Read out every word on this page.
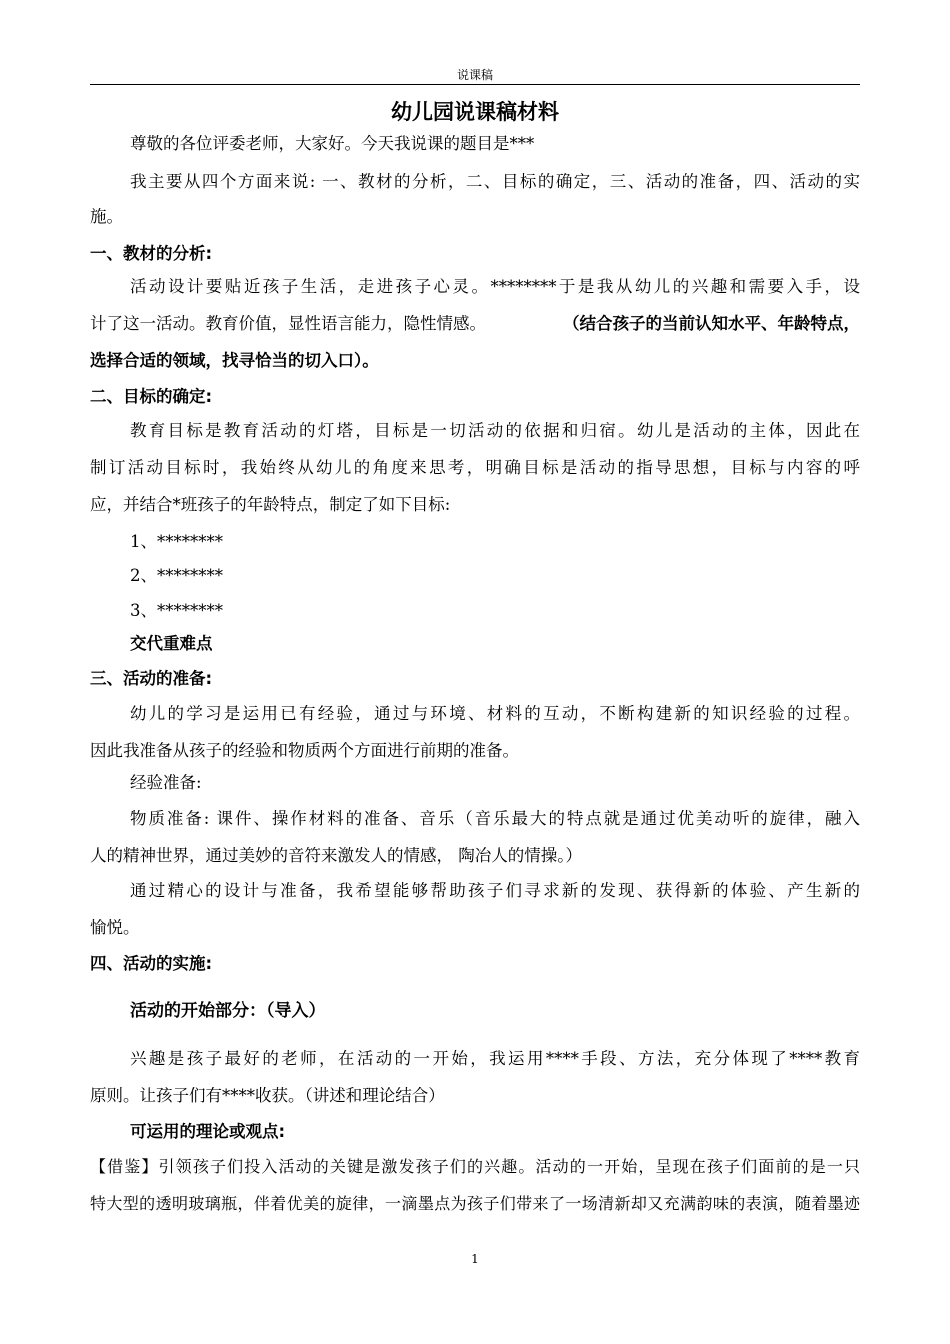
说课稿
幼儿园说课稿材料
尊敬的各位评委老师，大家好。今天我说课的题目是***
我主要从四个方面来说: 一、教材的分析，二、目标的确定，三、活动的准备，四、活动的实
施。
一、教材的分析:
活动设计要贴近孩子生活，走进孩子心灵。********于是我从幼儿的兴趣和需要入手，设
计了这一活动。教育价值，显性语言能力，隐性情感。	（结合孩子的当前认知水平、年龄特点，
选择合适的领域，找寻恰当的切入口）。
二、目标的确定:
教育目标是教育活动的灯塔，目标是一切活动的依据和归宿。幼儿是活动的主体，因此在
制订活动目标时，我始终从幼儿的角度来思考，明确目标是活动的指导思想，目标与内容的呼
应，并结合*班孩子的年龄特点，制定了如下目标:
1、********
2、********
3、********
交代重难点
三、活动的准备:
幼儿的学习是运用已有经验，通过与环境、材料的互动，不断构建新的知识经验的过程。
因此我准备从孩子的经验和物质两个方面进行前期的准备。
经验准备:
物质准备: 课件、操作材料的准备、音乐（音乐最大的特点就是通过优美动听的旋律，融入
人的精神世界，通过美妙的音符来激发人的情感， 陶冶人的情操。）
通过精心的设计与准备，我希望能够帮助孩子们寻求新的发现、获得新的体验、产生新的
愉悦。
四、活动的实施:
活动的开始部分：（导入）
兴趣是孩子最好的老师，在活动的一开始，我运用****手段、方法，充分体现了****教育
原则。让孩子们有****收获。（讲述和理论结合）
可运用的理论或观点:
【借鉴】引领孩子们投入活动的关键是激发孩子们的兴趣。活动的一开始，呈现在孩子们面前的是一只
特大型的透明玻璃瓶，伴着优美的旋律，一滴墨点为孩子们带来了一场清新却又充满韵味的表演，随着墨迹
1
